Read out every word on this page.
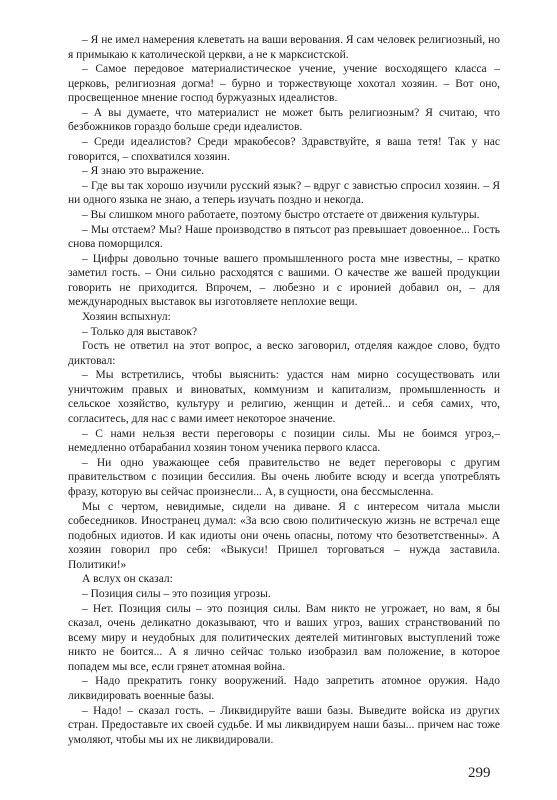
– Я не имел намерения клеветать на ваши верования. Я сам человек религиозный, но я примыкаю к католической церкви, а не к марксистской.

– Самое передовое материалистическое учение, учение восходящего класса – церковь, религиозная догма! – бурно и торжествующе хохотал хозяин. – Вот оно, просвещенное мнение господ буржуазных идеалистов.

– А вы думаете, что материалист не может быть религиозным? Я считаю, что безбожников гораздо больше среди идеалистов.

– Среди идеалистов? Среди мракобесов? Здравствуйте, я ваша тетя! Так у нас говорится, – спохватился хозяин.

– Я знаю это выражение.

– Где вы так хорошо изучили русский язык? – вдруг с завистью спросил хозяин. – Я ни одного языка не знаю, а теперь изучать поздно и некогда.

– Вы слишком много работаете, поэтому быстро отстаете от движения культуры.

– Мы отстаем? Мы? Наше производство в пятьсот раз превышает довоенное... Гость снова поморщился.

– Цифры довольно точные вашего промышленного роста мне известны, – кратко заметил гость. – Они сильно расходятся с вашими. О качестве же вашей продукции говорить не приходится. Впрочем, – любезно и с иронией добавил он, – для международных выставок вы изготовляете неплохие вещи.

Хозяин вспыхнул:

– Только для выставок?

Гость не ответил на этот вопрос, а веско заговорил, отделяя каждое слово, будто диктовал:

– Мы встретились, чтобы выяснить: удастся нам мирно сосуществовать или уничтожим правых и виноватых, коммунизм и капитализм, промышленность и сельское хозяйство, культуру и религию, женщин и детей... и себя самих, что, согласитесь, для нас с вами имеет некоторое значение.

– С нами нельзя вести переговоры с позиции силы. Мы не боимся угроз,– немедленно отбарабанил хозяин тоном ученика первого класса.

– Ни одно уважающее себя правительство не ведет переговоры с другим правительством с позиции бессилия. Вы очень любите всюду и всегда употреблять фразу, которую вы сейчас произнесли... А, в сущности, она бессмысленна.

Мы с чертом, невидимые, сидели на диване. Я с интересом читала мысли собеседников. Иностранец думал: «За всю свою политическую жизнь не встречал еще подобных идиотов. И как идиоты они очень опасны, потому что безответственны». А хозяин говорил про себя: «Выкуси! Пришел торговаться – нужда заставила. Политики!»

А вслух он сказал:

– Позиция силы – это позиция угрозы.

– Нет. Позиция силы – это позиция силы. Вам никто не угрожает, но вам, я бы сказал, очень деликатно доказывают, что и ваших угроз, ваших странствований по всему миру и неудобных для политических деятелей митинговых выступлений тоже никто не боится... А я лично сейчас только изобразил вам положение, в которое попадем мы все, если грянет атомная война.

– Надо прекратить гонку вооружений. Надо запретить атомное оружия. Надо ликвидировать военные базы.

– Надо! – сказал гость. – Ликвидируйте ваши базы. Выведите войска из других стран. Предоставьте их своей судьбе. И мы ликвидируем наши базы... причем нас тоже умоляют, чтобы мы их не ликвидировали.

299
